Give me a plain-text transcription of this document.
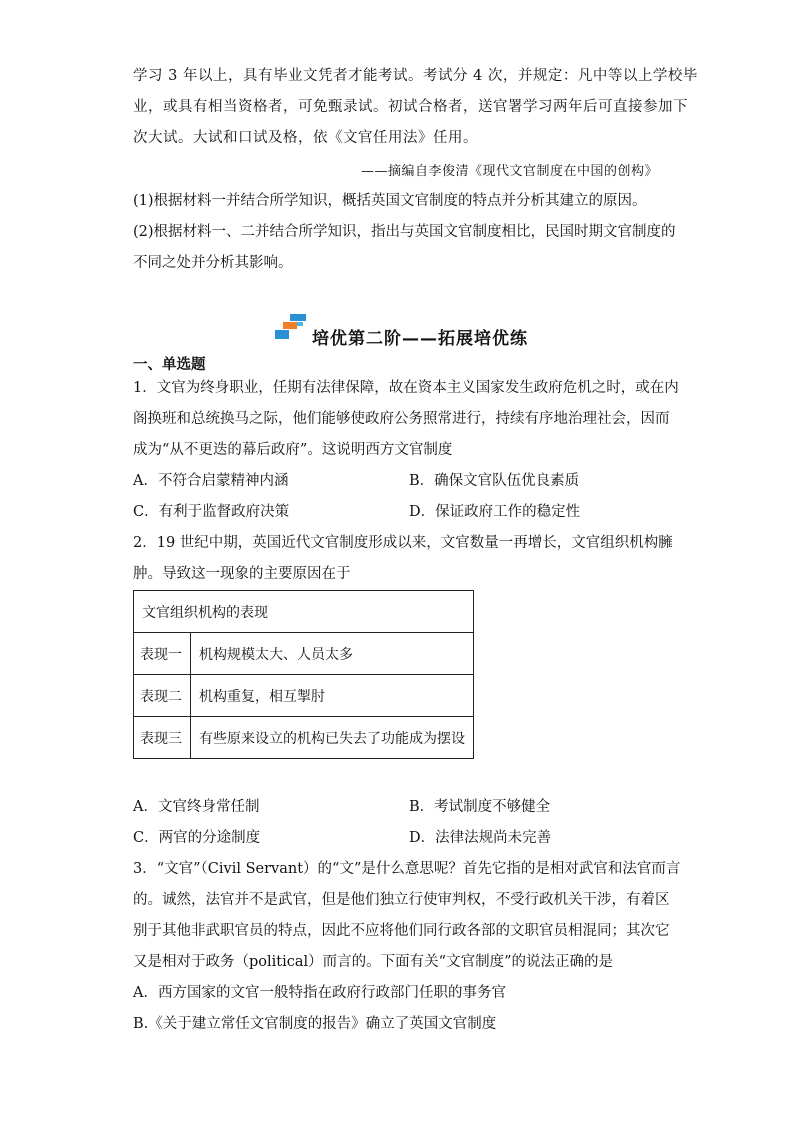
学习 3 年以上，具有毕业文凭者才能考试。考试分 4 次，并规定：凡中等以上学校毕
业，或具有相当资格者，可免甄录试。初试合格者，送官署学习两年后可直接参加下
次大试。大试和口试及格，依《文官任用法》任用。
——摘编自李俊清《现代文官制度在中国的创构》
(1)根据材料一并结合所学知识，概括英国文官制度的特点并分析其建立的原因。
(2)根据材料一、二并结合所学知识，指出与英国文官制度相比，民国时期文官制度的
不同之处并分析其影响。
培优第二阶——拓展培优练
一、单选题
1．文官为终身职业，任期有法律保障，故在资本主义国家发生政府危机之时，或在内
阁换班和总统换马之际，他们能够使政府公务照常进行，持续有序地治理社会，因而
成为“从不更迭的幕后政府”。这说明西方文官制度
A．不符合启蒙精神内涵	B．确保文官队伍优良素质
C．有利于监督政府决策	D．保证政府工作的稳定性
2．19 世纪中期，英国近代文官制度形成以来，文官数量一再增长，文官组织机构臃
肿。导致这一现象的主要原因在于
文官组织机构的表现	
表现一	机构规模太大、人员太多
表现二	机构重复，相互掣肘
表现三	有些原来设立的机构已失去了功能成为摆设
A．文官终身常任制	B．考试制度不够健全
C．两官的分途制度	D．法律法规尚未完善
3．“文官”（Civil Servant）的“文”是什么意思呢？首先它指的是相对武官和法官而言
的。诚然，法官并不是武官，但是他们独立行使审判权，不受行政机关干涉，有着区
别于其他非武职官员的特点，因此不应将他们同行政各部的文职官员相混同；其次它
又是相对于政务（political）而言的。下面有关“文官制度”的说法正确的是
A．西方国家的文官一般特指在政府行政部门任职的事务官
B.《关于建立常任文官制度的报告》确立了英国文官制度
